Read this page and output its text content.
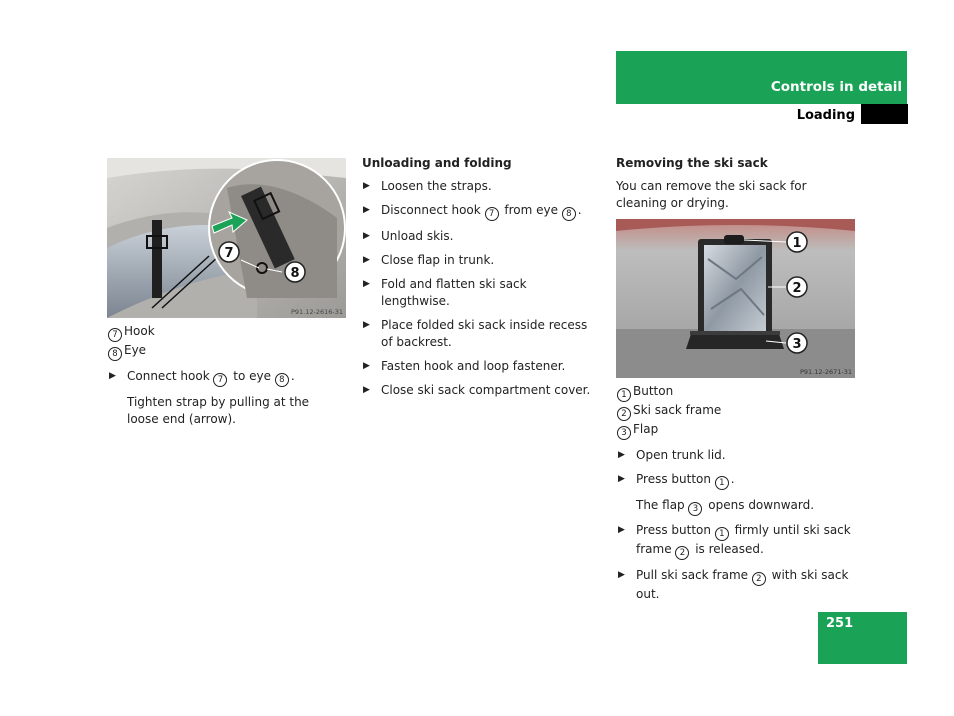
Controls in detail
Loading
7
8
P91.12-2616-31
7 Hook
8 Eye

▶ Connect hook 7 to eye 8 .

Tighten strap by pulling at the loose end (arrow).

Unloading and folding

▶ Loosen the straps.

▶ Disconnect hook 7 from eye 8 .

▶ Unload skis.

▶ Close flap in trunk.

▶ Fold and flatten ski sack lengthwise.

▶ Place folded ski sack inside recess of backrest.

▶ Fasten hook and loop fastener.

▶ Close ski sack compartment cover.

Removing the ski sack

You can remove the ski sack for cleaning or drying.

1
2
3
P91.12-2671-31
1 Button
2 Ski sack frame
3 Flap

▶ Open trunk lid.

▶ Press button 1 .

The flap 3 opens downward.

▶ Press button 1 firmly until ski sack frame 2 is released.

▶ Pull ski sack frame 2 with ski sack out.

251
